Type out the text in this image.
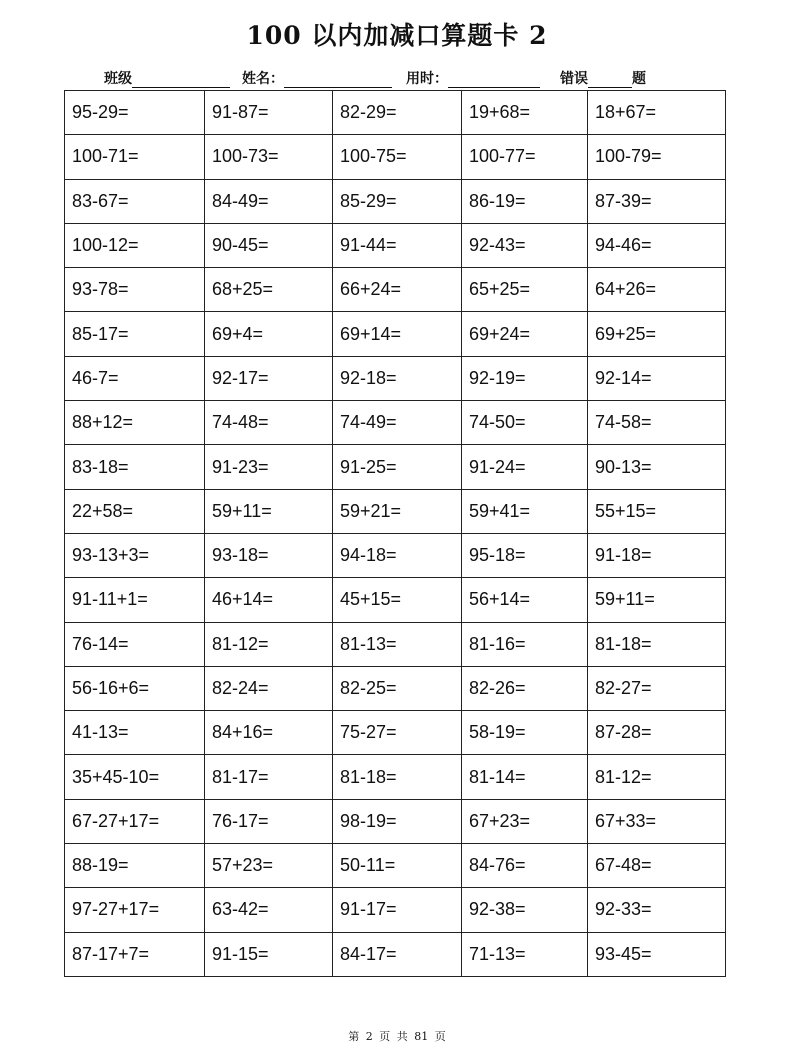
100 以内加减口算题卡 2
班级	姓名：	用时：	错误	题
95-29=	91-87=	82-29=	19+68=	18+67=
100-71=	100-73=	100-75=	100-77=	100-79=
83-67=	84-49=	85-29=	86-19=	87-39=
100-12=	90-45=	91-44=	92-43=	94-46=
93-78=	68+25=	66+24=	65+25=	64+26=
85-17=	69+4=	69+14=	69+24=	69+25=
46-7=	92-17=	92-18=	92-19=	92-14=
88+12=	74-48=	74-49=	74-50=	74-58=
83-18=	91-23=	91-25=	91-24=	90-13=
22+58=	59+11=	59+21=	59+41=	55+15=
93-13+3=	93-18=	94-18=	95-18=	91-18=
91-11+1=	46+14=	45+15=	56+14=	59+11=
76-14=	81-12=	81-13=	81-16=	81-18=
56-16+6=	82-24=	82-25=	82-26=	82-27=
41-13=	84+16=	75-27=	58-19=	87-28=
35+45-10=	81-17=	81-18=	81-14=	81-12=
67-27+17=	76-17=	98-19=	67+23=	67+33=
88-19=	57+23=	50-11=	84-76=	67-48=
97-27+17=	63-42=	91-17=	92-38=	92-33=
87-17+7=	91-15=	84-17=	71-13=	93-45=
第 2 页 共 81 页
